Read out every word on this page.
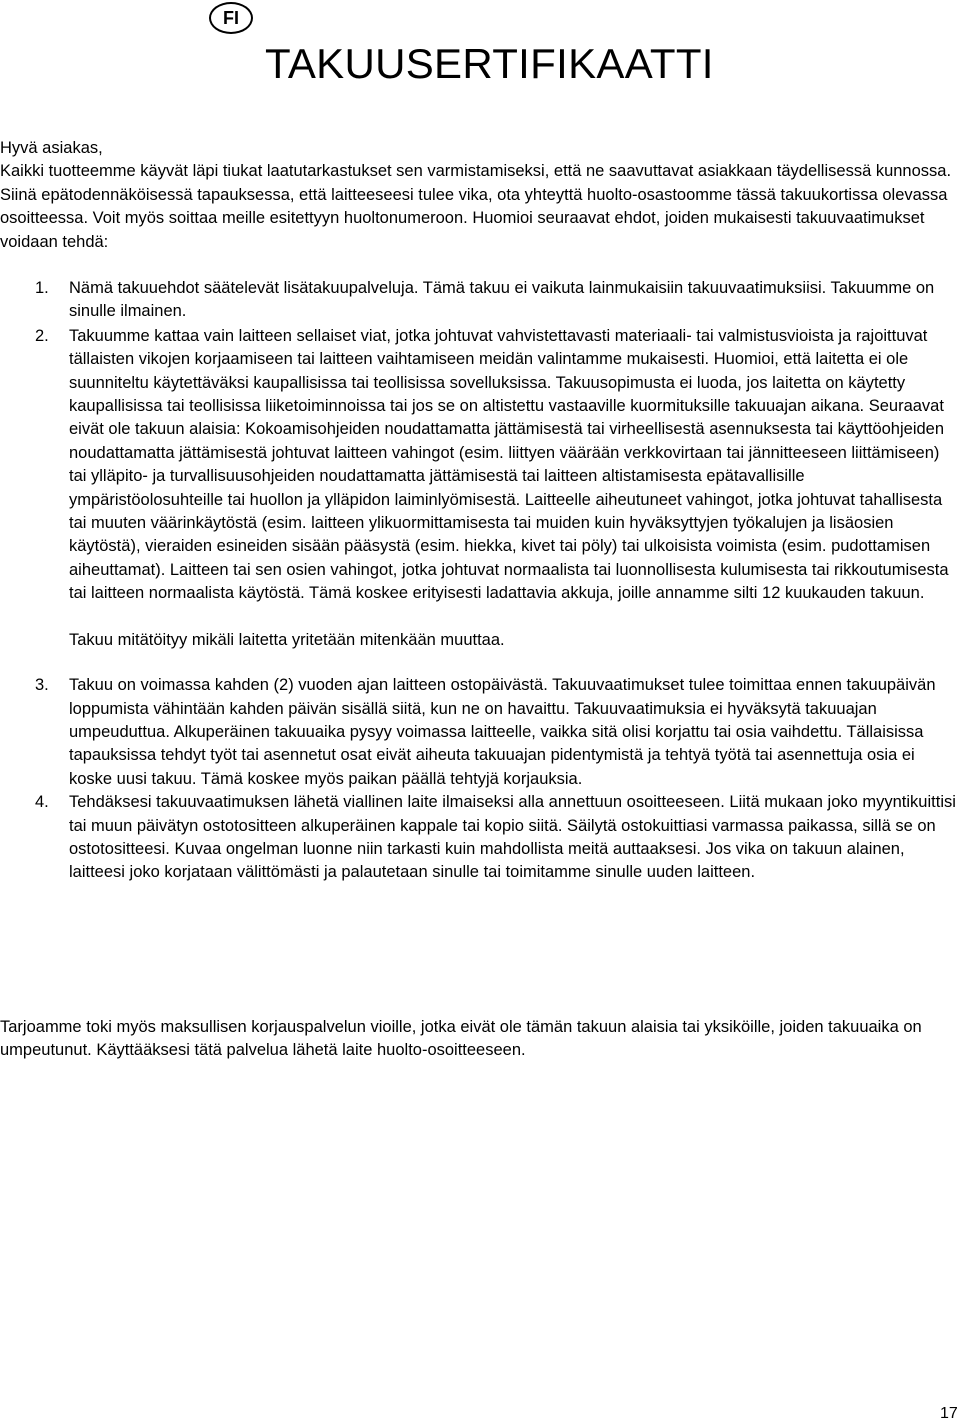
FI
TAKUUSERTIFIKAATTI

Hyvä asiakas,

Kaikki tuotteemme käyvät läpi tiukat laatutarkastukset sen varmistamiseksi, että ne saavuttavat asiakkaan täydellisessä kunnossa. Siinä epätodennäköisessä tapauksessa, että laitteeseesi tulee vika, ota yhteyttä huolto-osastoomme tässä takuukortissa olevassa osoitteessa. Voit myös soittaa meille esitettyyn huoltonumeroon. Huomioi seuraavat ehdot, joiden mukaisesti takuuvaatimukset voidaan tehdä:

1. Nämä takuuehdot säätelevät lisätakuupalveluja. Tämä takuu ei vaikuta lainmukaisiin takuuvaatimuksiisi. Takuumme on sinulle ilmainen.

2. Takuumme kattaa vain laitteen sellaiset viat, jotka johtuvat vahvistettavasti materiaali- tai valmistusvioista ja rajoittuvat tällaisten vikojen korjaamiseen tai laitteen vaihtamiseen meidän valintamme mukaisesti. Huomioi, että laitetta ei ole suunniteltu käytettäväksi kaupallisissa tai teollisissa sovelluksissa. Takuusopimusta ei luoda, jos laitetta on käytetty kaupallisissa tai teollisissa liiketoiminnoissa tai jos se on altistettu vastaaville kuormituksille takuuajan aikana. Seuraavat eivät ole takuun alaisia: Kokoamisohjeiden noudattamatta jättämisestä tai virheellisestä asennuksesta tai käyttöohjeiden noudattamatta jättämisestä johtuvat laitteen vahingot (esim. liittyen väärään verkkovirtaan tai jännitteeseen liittämiseen) tai ylläpito- ja turvallisuusohjeiden noudattamatta jättämisestä tai laitteen altistamisesta epätavallisille ympäristöolosuhteille tai huollon ja ylläpidon laiminlyömisestä. Laitteelle aiheutuneet vahingot, jotka johtuvat tahallisesta tai muuten väärinkäytöstä (esim. laitteen ylikuormittamisesta tai muiden kuin hyväksyttyjen työkalujen ja lisäosien käytöstä), vieraiden esineiden sisään pääsystä (esim. hiekka, kivet tai pöly) tai ulkoisista voimista (esim. pudottamisen aiheuttamat). Laitteen tai sen osien vahingot, jotka johtuvat normaalista tai luonnollisesta kulumisesta tai rikkoutumisesta tai laitteen normaalista käytöstä. Tämä koskee erityisesti ladattavia akkuja, joille annamme silti 12 kuukauden takuun.

Takuu mitätöityy mikäli laitetta yritetään mitenkään muuttaa.

3. Takuu on voimassa kahden (2) vuoden ajan laitteen ostopäivästä. Takuuvaatimukset tulee toimittaa ennen takuupäivän loppumista vähintään kahden päivän sisällä siitä, kun ne on havaittu. Takuuvaatimuksia ei hyväksytä takuuajan umpeuduttua. Alkuperäinen takuuaika pysyy voimassa laitteelle, vaikka sitä olisi korjattu tai osia vaihdettu. Tällaisissa tapauksissa tehdyt työt tai asennetut osat eivät aiheuta takuuajan pidentymistä ja tehtyä työtä tai asennettuja osia ei koske uusi takuu. Tämä koskee myös paikan päällä tehtyjä korjauksia.

4. Tehdäksesi takuuvaatimuksen lähetä viallinen laite ilmaiseksi alla annettuun osoitteeseen. Liitä mukaan joko myyntikuittisi tai muun päivätyn ostotositteen alkuperäinen kappale tai kopio siitä. Säilytä ostokuittiasi varmassa paikassa, sillä se on ostotositteesi. Kuvaa ongelman luonne niin tarkasti kuin mahdollista meitä auttaaksesi. Jos vika on takuun alainen, laitteesi joko korjataan välittömästi ja palautetaan sinulle tai toimitamme sinulle uuden laitteen.

Tarjoamme toki myös maksullisen korjauspalvelun vioille, jotka eivät ole tämän takuun alaisia tai yksiköille, joiden takuuaika on umpeutunut. Käyttääksesi tätä palvelua lähetä laite huolto-osoitteeseen.

17
